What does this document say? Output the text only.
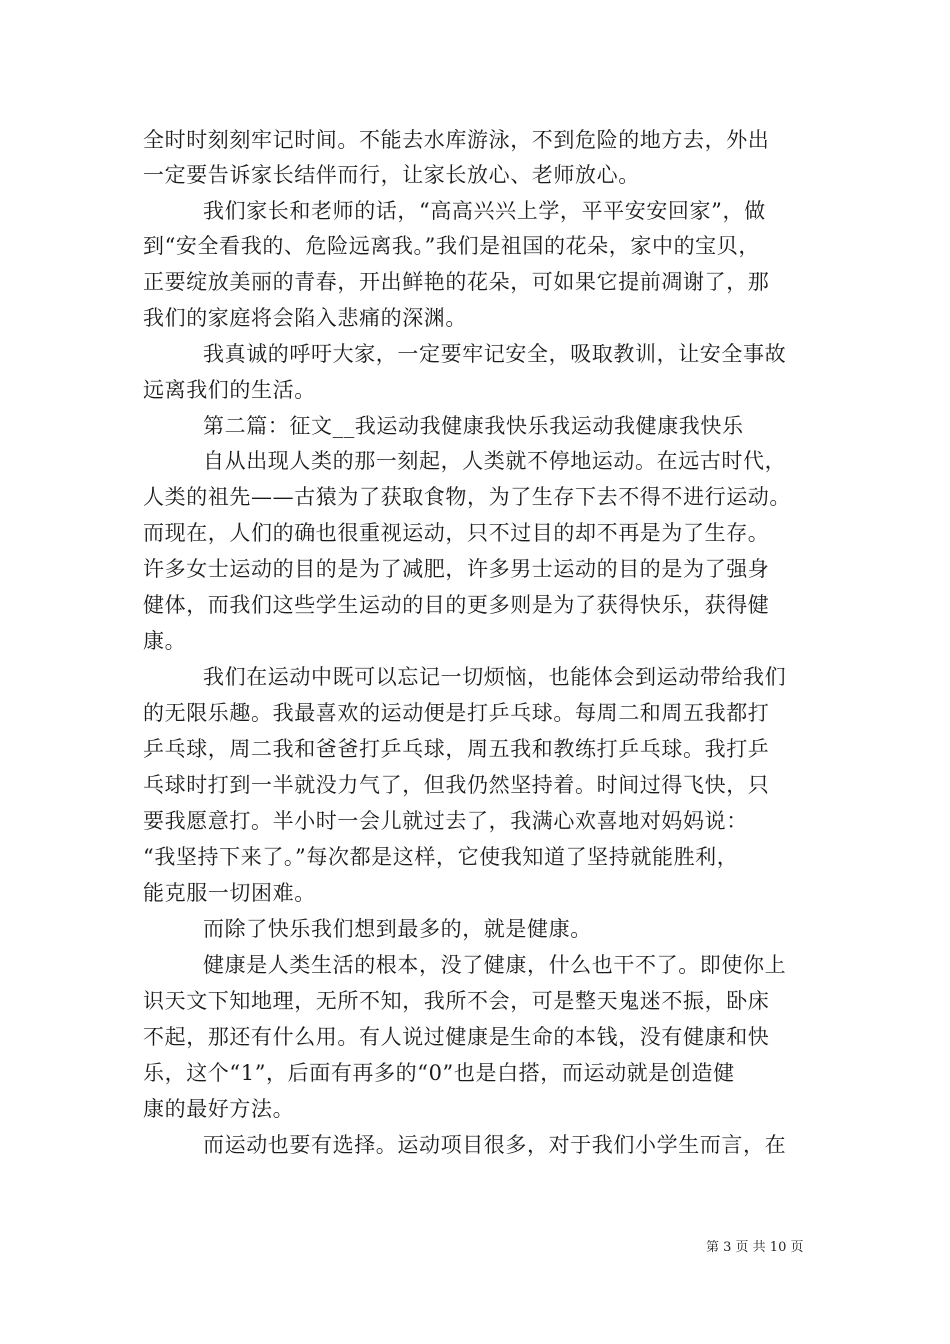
全时时刻刻牢记时间。不能去水库游泳，不到危险的地方去，外出
一定要告诉家长结伴而行，让家长放心、老师放心。
我们家长和老师的话，“高高兴兴上学，平平安安回家”，做
到“安全看我的、危险远离我。”我们是祖国的花朵，家中的宝贝，
正要绽放美丽的青春，开出鲜艳的花朵，可如果它提前凋谢了，那
我们的家庭将会陷入悲痛的深渊。
我真诚的呼吁大家，一定要牢记安全，吸取教训，让安全事故
远离我们的生活。
第二篇：征文__我运动我健康我快乐我运动我健康我快乐
自从出现人类的那一刻起，人类就不停地运动。在远古时代，
人类的祖先——古猿为了获取食物，为了生存下去不得不进行运动。
而现在，人们的确也很重视运动，只不过目的却不再是为了生存。
许多女士运动的目的是为了减肥，许多男士运动的目的是为了强身
健体，而我们这些学生运动的目的更多则是为了获得快乐，获得健
康。
我们在运动中既可以忘记一切烦恼，也能体会到运动带给我们
的无限乐趣。我最喜欢的运动便是打乒乓球。每周二和周五我都打
乒乓球，周二我和爸爸打乒乓球，周五我和教练打乒乓球。我打乒
乓球时打到一半就没力气了，但我仍然坚持着。时间过得飞快，只
要我愿意打。半小时一会儿就过去了，我满心欢喜地对妈妈说：
“我坚持下来了。”每次都是这样，它使我知道了坚持就能胜利，
能克服一切困难。
而除了快乐我们想到最多的，就是健康。
健康是人类生活的根本，没了健康，什么也干不了。即使你上
识天文下知地理，无所不知，我所不会，可是整天鬼迷不振，卧床
不起，那还有什么用。有人说过健康是生命的本钱，没有健康和快
乐，这个“1”，后面有再多的“0”也是白搭，而运动就是创造健
康的最好方法。
而运动也要有选择。运动项目很多，对于我们小学生而言，在
第 3 页 共 10 页
